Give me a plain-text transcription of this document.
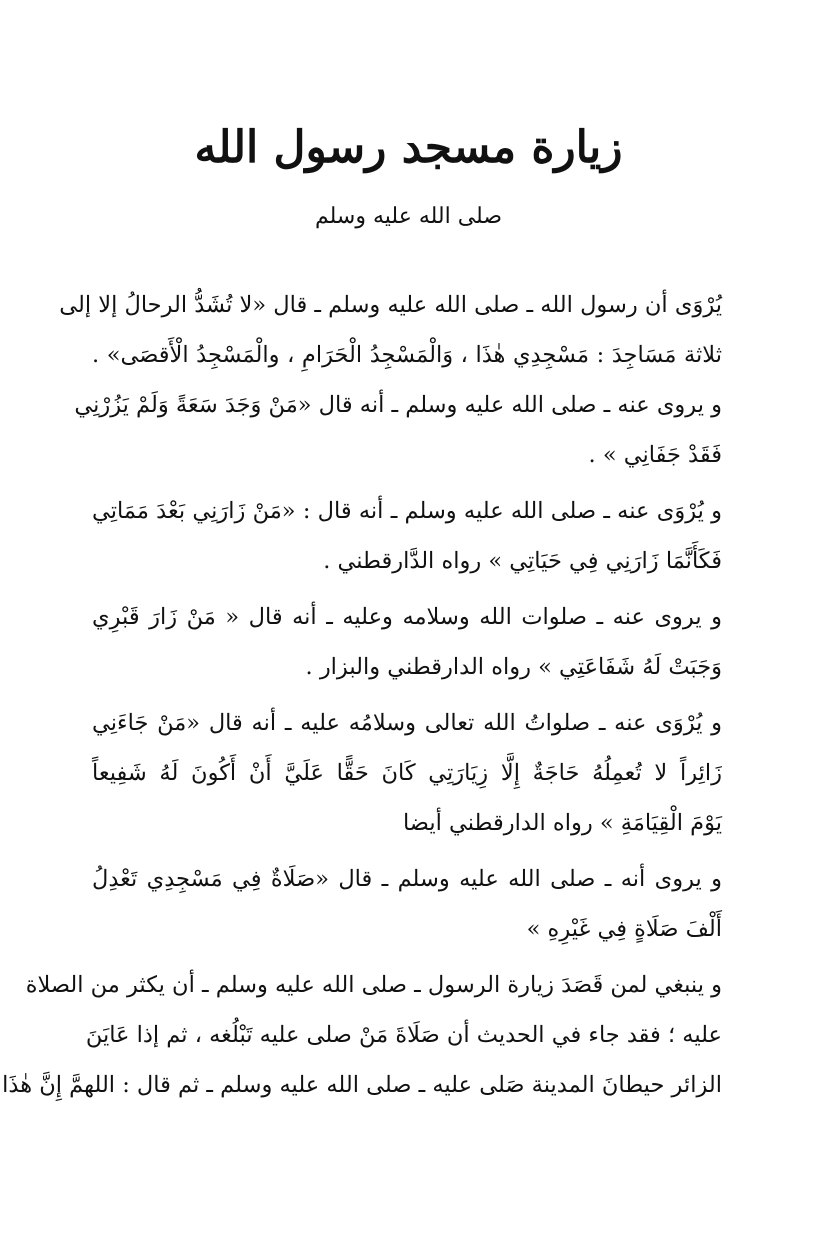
زيارة مسجد رسول الله
صلى الله عليه وسلم
يُرْوَى أن رسول الله ـ صلى الله عليه وسلم ـ قال «لا تُشَدُّ الرحالُ إلا إلى
ثلاثة مَسَاجِدَ : مَسْجِدِي هٰذَا ، وَالْمَسْجِدُ الْحَرَامِ ، والْمَسْجِدُ الْأَقصَى» .
و يروى عنه ـ صلى الله عليه وسلم ـ أنه قال «مَنْ وَجَدَ سَعَةً وَلَمْ يَزُرْنِي
فَقَدْ جَفَانِي » .
و يُرْوَى عنه ـ صلى الله عليه وسلم ـ أنه قال : «مَنْ زَارَنِي بَعْدَ مَمَاتِي
فَكَأَنَّمَا زَارَنِي فِي حَيَاتِي » رواه الدَّارقطني .
و يروى عنه ـ صلوات الله وسلامه وعليه ـ أنه قال « مَنْ زَارَ قَبْرِي
وَجَبَتْ لَهُ شَفَاعَتِي » رواه الدارقطني والبزار .
و يُرْوَى عنه ـ صلواتُ الله تعالى وسلامُه عليه ـ أنه قال «مَنْ جَاءَنِي
زَائِراً لا تُعمِلُهُ حَاجَةٌ إِلَّا زِيَارَتِي كَانَ حَقًّا عَلَيَّ أَنْ أَكُونَ لَهُ شَفِيعاً
يَوْمَ الْقِيَامَةِ » رواه الدارقطني أيضا
و يروى أنه ـ صلى الله عليه وسلم ـ قال «صَلَاةٌ فِي مَسْجِدِي تَعْدِلُ
أَلْفَ صَلَاةٍ فِي غَيْرِهِ »
و ينبغي لمن قَصَدَ زيارة الرسول ـ صلى الله عليه وسلم ـ أن يكثر من الصلاة
عليه ؛ فقد جاء في الحديث أن صَلَاةَ مَنْ صلى عليه تَبْلُغه ، ثم إذا عَايَنَ
الزائر حيطانَ المدينة صَلى عليه ـ صلى الله عليه وسلم ـ ثم قال : اللهمَّ إِنَّ هٰذَا
